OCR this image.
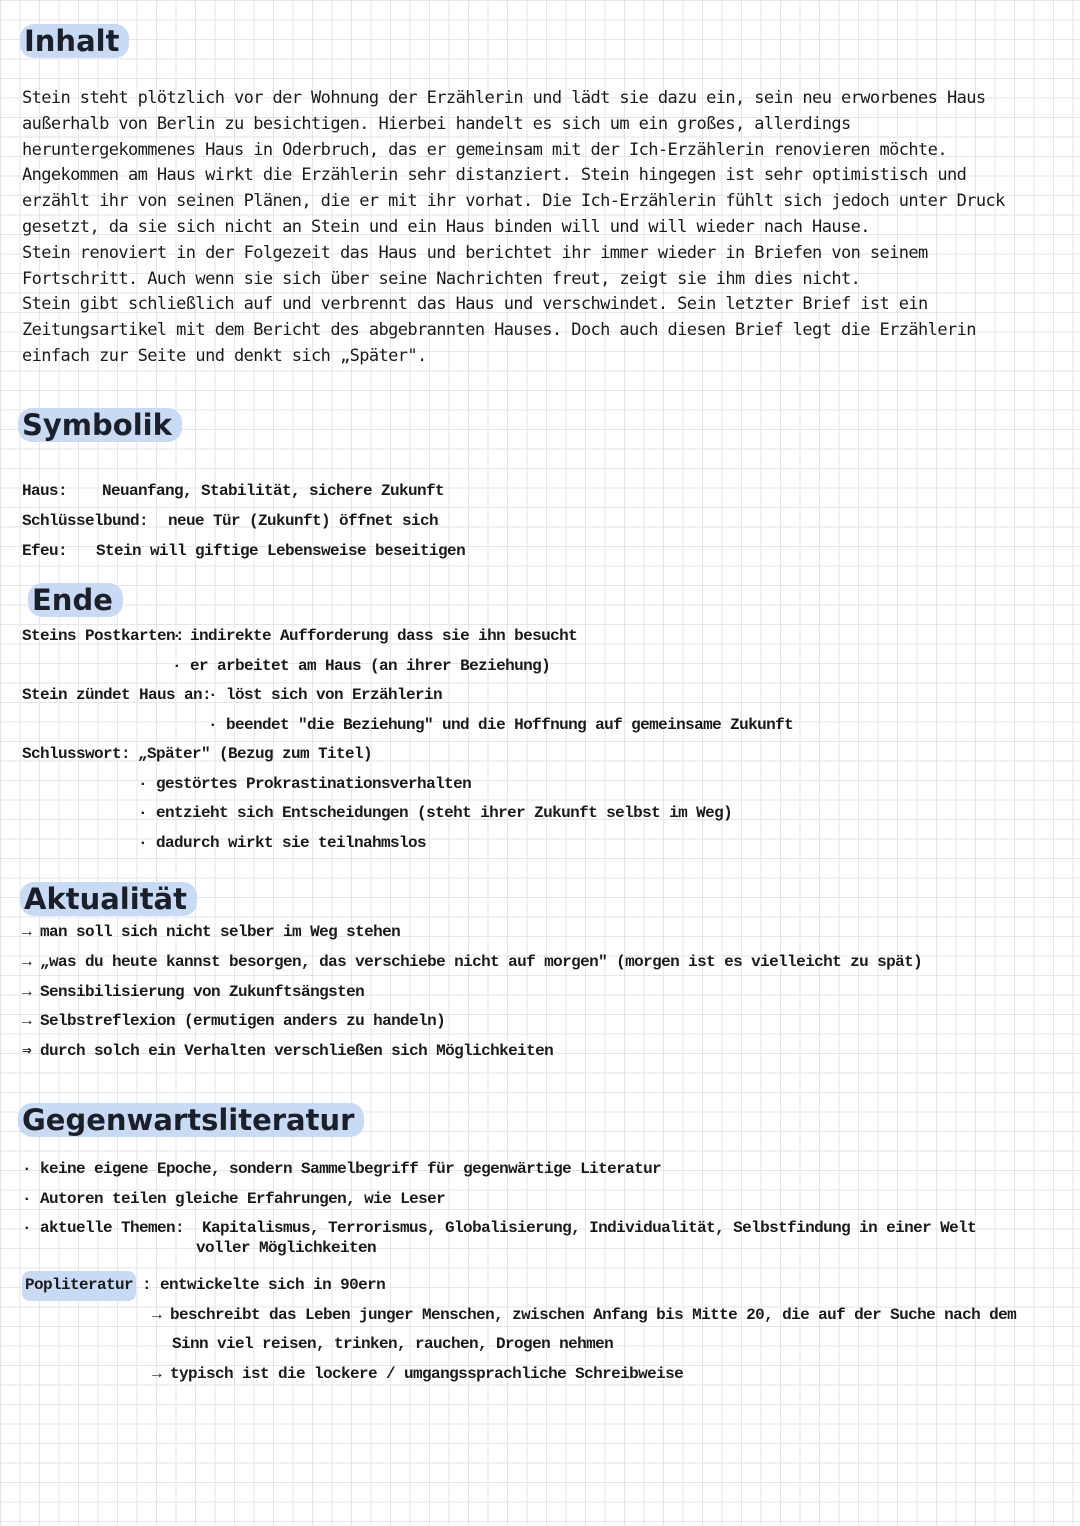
Inhalt

Stein steht plötzlich vor der Wohnung der Erzählerin und lädt sie dazu ein, sein neu erworbenes Haus

außerhalb von Berlin zu besichtigen. Hierbei handelt es sich um ein großes, allerdings

heruntergekommenes Haus in Oderbruch, das er gemeinsam mit der Ich-Erzählerin renovieren möchte.

Angekommen am Haus wirkt die Erzählerin sehr distanziert. Stein hingegen ist sehr optimistisch und

erzählt ihr von seinen Plänen, die er mit ihr vorhat. Die Ich-Erzählerin fühlt sich jedoch unter Druck

gesetzt, da sie sich nicht an Stein und ein Haus binden will und will wieder nach Hause.

Stein renoviert in der Folgezeit das Haus und berichtet ihr immer wieder in Briefen von seinem

Fortschritt. Auch wenn sie sich über seine Nachrichten freut, zeigt sie ihm dies nicht.

Stein gibt schließlich auf und verbrennt das Haus und verschwindet. Sein letzter Brief ist ein

Zeitungsartikel mit dem Bericht des abgebrannten Hauses. Doch auch diesen Brief legt die Erzählerin

einfach zur Seite und denkt sich „Später".

Symbolik
Haus:	Neuanfang, Stabilität, sichere Zukunft
Schlüsselbund:	neue Tür (Zukunft) öffnet sich
Efeu:	Stein will giftige Lebensweise beseitigen
Ende
Steins Postkarten: · indirekte Aufforderung dass sie ihn besucht
· er arbeitet am Haus (an ihrer Beziehung)
Stein zündet Haus an: · löst sich von Erzählerin
· beendet "die Beziehung" und die Hoffnung auf gemeinsame Zukunft
Schlusswort: „Später" (Bezug zum Titel)
· gestörtes Prokrastinationsverhalten
· entzieht sich Entscheidungen (steht ihrer Zukunft selbst im Weg)
· dadurch wirkt sie teilnahmslos
Aktualität
→ man soll sich nicht selber im Weg stehen
→ „was du heute kannst besorgen, das verschiebe nicht auf morgen" (morgen ist es vielleicht zu spät)
→ Sensibilisierung von Zukunftsängsten
→ Selbstreflexion (ermutigen anders zu handeln)
⇒ durch solch ein Verhalten verschließen sich Möglichkeiten
Gegenwartsliteratur
· keine eigene Epoche, sondern Sammelbegriff für gegenwärtige Literatur
· Autoren teilen gleiche Erfahrungen, wie Leser
· aktuelle Themen:	Kapitalismus, Terrorismus, Globalisierung, Individualität, Selbstfindung in einer Welt
voller Möglichkeiten
Popliteratur : entwickelte sich in 90ern
→ beschreibt das Leben junger Menschen, zwischen Anfang bis Mitte 20, die auf der Suche nach dem
Sinn viel reisen, trinken, rauchen, Drogen nehmen
→ typisch ist die lockere / umgangssprachliche Schreibweise
